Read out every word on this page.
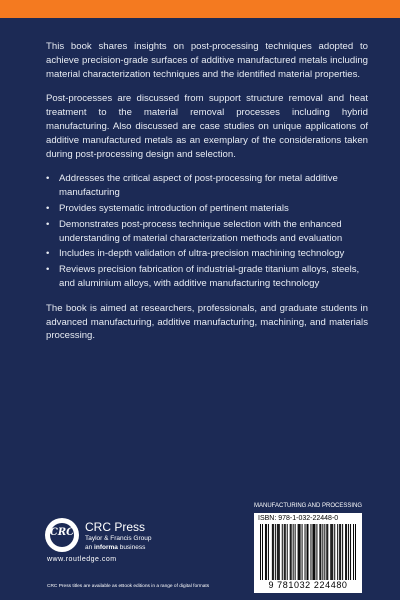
This book shares insights on post-processing techniques adopted to achieve precision-grade surfaces of additive manufactured metals including material characterization techniques and the identified material properties.

Post-processes are discussed from support structure removal and heat treatment to the material removal processes including hybrid manufacturing. Also discussed are case studies on unique applications of additive manufactured metals as an exemplary of the considerations taken during post-processing design and selection.

• Addresses the critical aspect of post-processing for metal additive manufacturing
• Provides systematic introduction of pertinent materials
• Demonstrates post-process technique selection with the enhanced understanding of material characterization methods and evaluation
• Includes in-depth validation of ultra-precision machining technology
• Reviews precision fabrication of industrial-grade titanium alloys, steels, and aluminium alloys, with additive manufacturing technology

The book is aimed at researchers, professionals, and graduate students in advanced manufacturing, additive manufacturing, machining, and materials processing.

CRC CRC Press
Taylor & Francis Group
an informa business
www.routledge.com
CRC Press titles are available as eBook editions in a range of digital formats
MANUFACTURING AND PROCESSING
ISBN: 978-1-032-22448-0
9 781032 224480
